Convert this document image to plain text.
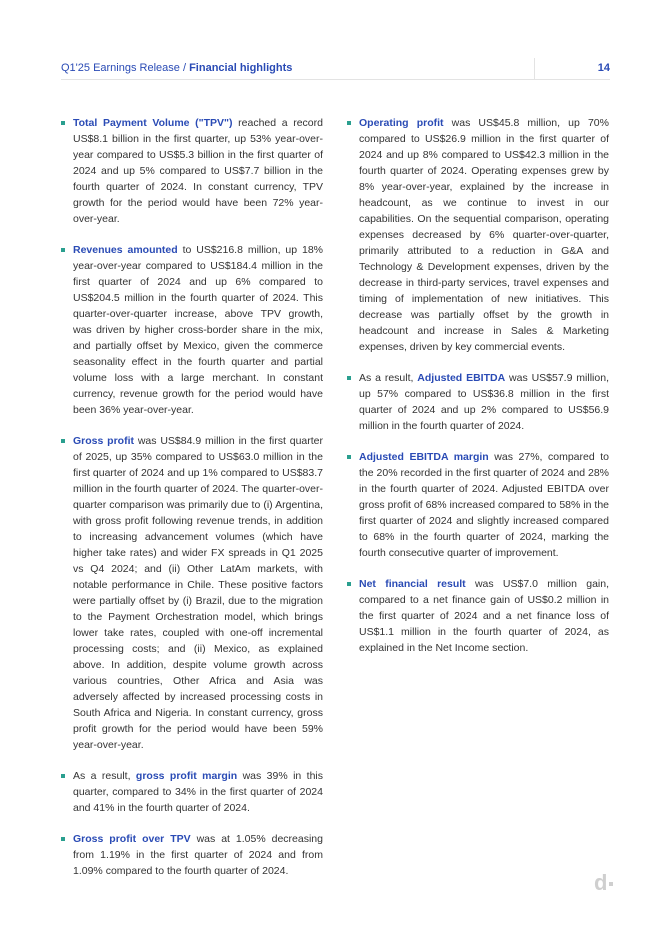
Q1'25 Earnings Release / Financial highlights	14
Total Payment Volume ("TPV") reached a record US$8.1 billion in the first quarter, up 53% year-over-year compared to US$5.3 billion in the first quarter of 2024 and up 5% compared to US$7.7 billion in the fourth quarter of 2024. In constant currency, TPV growth for the period would have been 72% year-over-year.
Revenues amounted to US$216.8 million, up 18% year-over-year compared to US$184.4 million in the first quarter of 2024 and up 6% compared to US$204.5 million in the fourth quarter of 2024. This quarter-over-quarter increase, above TPV growth, was driven by higher cross-border share in the mix, and partially offset by Mexico, given the commerce seasonality effect in the fourth quarter and partial volume loss with a large merchant. In constant currency, revenue growth for the period would have been 36% year-over-year.
Gross profit was US$84.9 million in the first quarter of 2025, up 35% compared to US$63.0 million in the first quarter of 2024 and up 1% compared to US$83.7 million in the fourth quarter of 2024. The quarter-over-quarter comparison was primarily due to (i) Argentina, with gross profit following revenue trends, in addition to increasing advancement volumes (which have higher take rates) and wider FX spreads in Q1 2025 vs Q4 2024; and (ii) Other LatAm markets, with notable performance in Chile. These positive factors were partially offset by (i) Brazil, due to the migration to the Payment Orchestration model, which brings lower take rates, coupled with one-off incremental processing costs; and (ii) Mexico, as explained above. In addition, despite volume growth across various countries, Other Africa and Asia was adversely affected by increased processing costs in South Africa and Nigeria. In constant currency, gross profit growth for the period would have been 59% year-over-year.
As a result, gross profit margin was 39% in this quarter, compared to 34% in the first quarter of 2024 and 41% in the fourth quarter of 2024.
Gross profit over TPV was at 1.05% decreasing from 1.19% in the first quarter of 2024 and from 1.09% compared to the fourth quarter of 2024.
Operating profit was US$45.8 million, up 70% compared to US$26.9 million in the first quarter of 2024 and up 8% compared to US$42.3 million in the fourth quarter of 2024. Operating expenses grew by 8% year-over-year, explained by the increase in headcount, as we continue to invest in our capabilities. On the sequential comparison, operating expenses decreased by 6% quarter-over-quarter, primarily attributed to a reduction in G&A and Technology & Development expenses, driven by the decrease in third-party services, travel expenses and timing of implementation of new initiatives. This decrease was partially offset by the growth in headcount and increase in Sales & Marketing expenses, driven by key commercial events.
As a result, Adjusted EBITDA was US$57.9 million, up 57% compared to US$36.8 million in the first quarter of 2024 and up 2% compared to US$56.9 million in the fourth quarter of 2024.
Adjusted EBITDA margin was 27%, compared to the 20% recorded in the first quarter of 2024 and 28% in the fourth quarter of 2024. Adjusted EBITDA over gross profit of 68% increased compared to 58% in the first quarter of 2024 and slightly increased compared to 68% in the fourth quarter of 2024, marking the fourth consecutive quarter of improvement.
Net financial result was US$7.0 million gain, compared to a net finance gain of US$0.2 million in the first quarter of 2024 and a net finance loss of US$1.1 million in the fourth quarter of 2024, as explained in the Net Income section.
d
